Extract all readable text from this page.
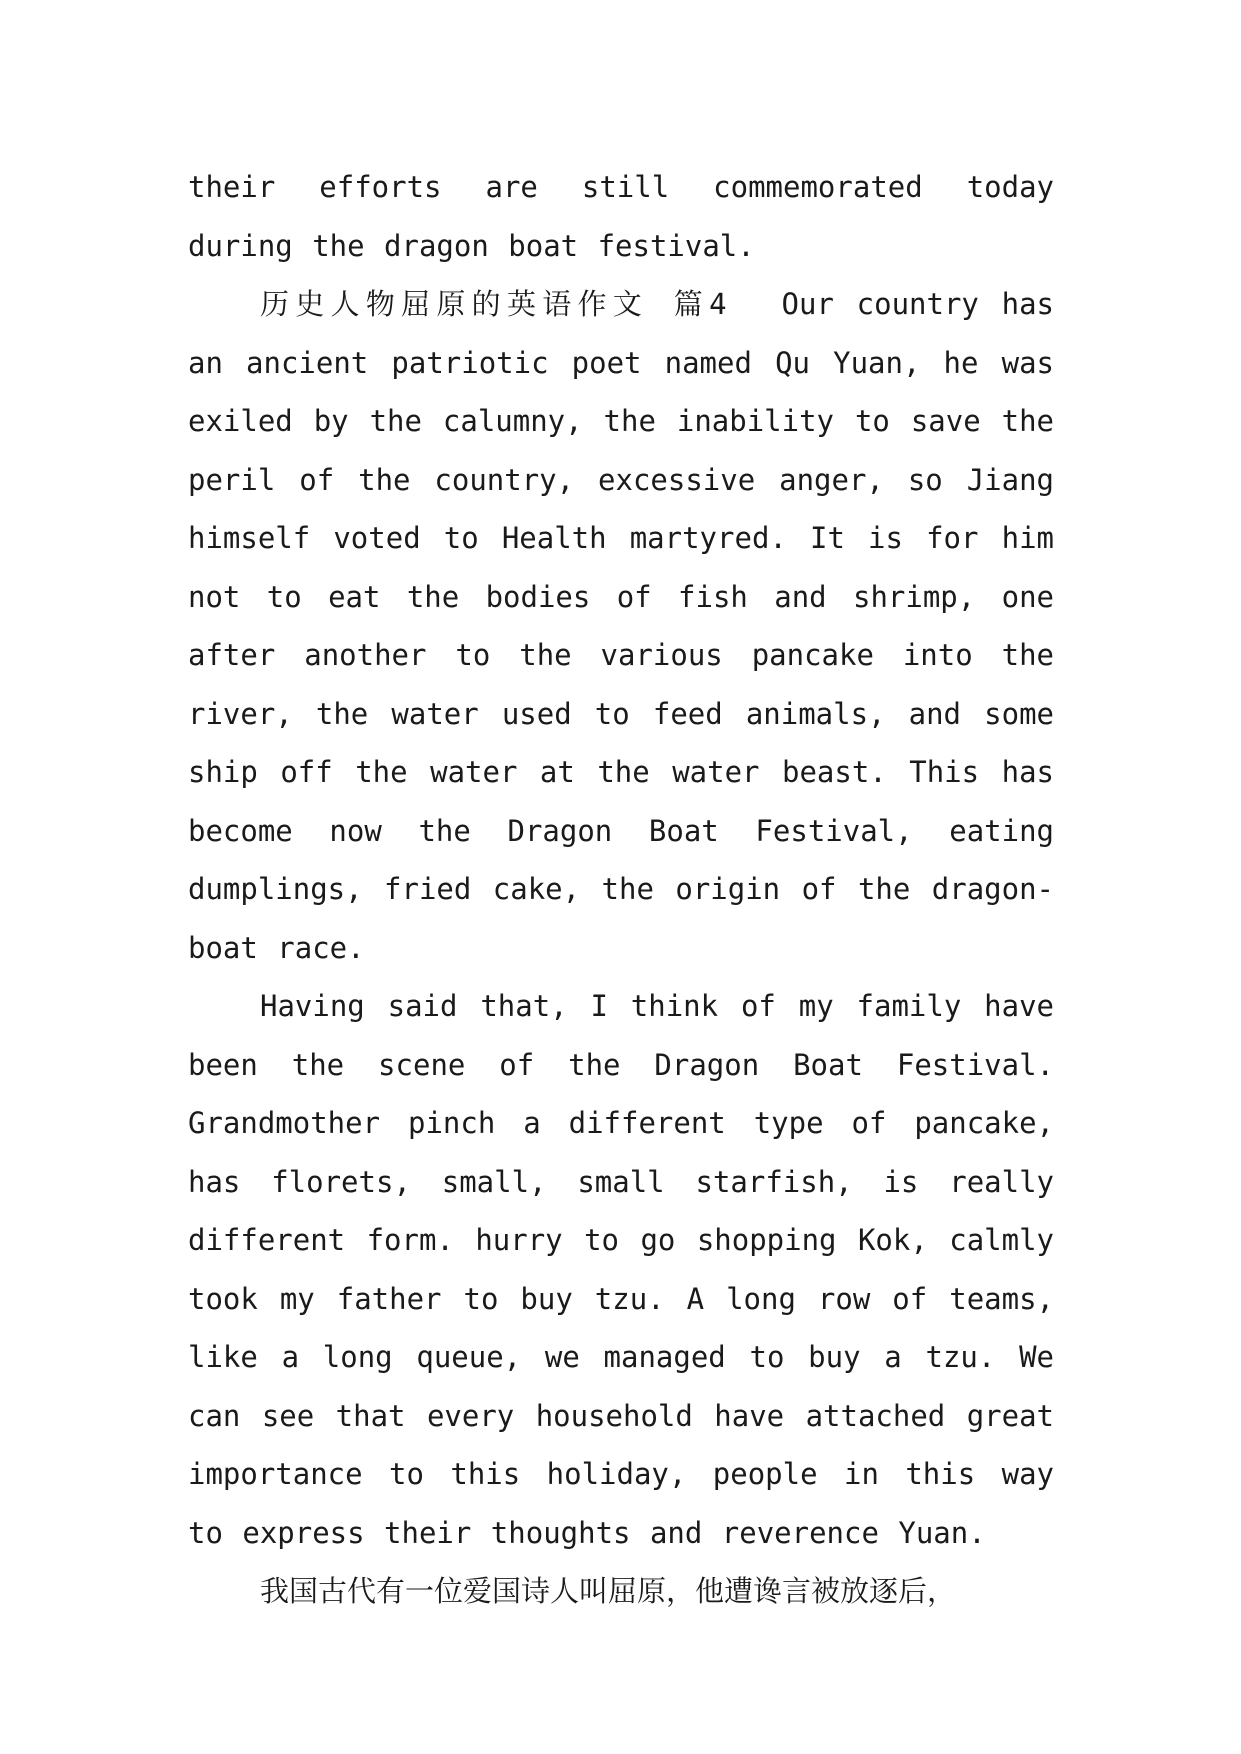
their efforts are still commemorated today during the dragon boat festival.

历史人物屈原的英语作文 篇4 Our country has an ancient patriotic poet named Qu Yuan, he was exiled by the calumny, the inability to save the peril of the country, excessive anger, so Jiang himself voted to Health martyred. It is for him not to eat the bodies of fish and shrimp, one after another to the various pancake into the river, the water used to feed animals, and some ship off the water at the water beast. This has become now the Dragon Boat Festival, eating dumplings, fried cake, the origin of the dragon-boat race.

Having said that, I think of my family have been the scene of the Dragon Boat Festival. Grandmother pinch a different type of pancake, has florets, small, small starfish, is really different form. hurry to go shopping Kok, calmly took my father to buy tzu. A long row of teams, like a long queue, we managed to buy a tzu. We can see that every household have attached great importance to this holiday, people in this way to express their thoughts and reverence Yuan.

我国古代有一位爱国诗人叫屈原，他遭谗言被放逐后，
